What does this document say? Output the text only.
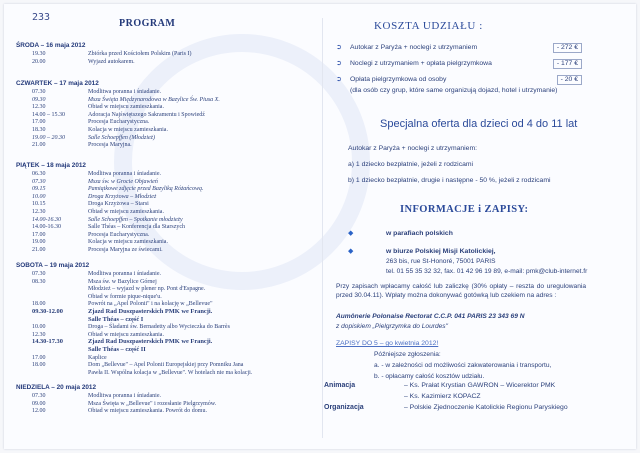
233
PROGRAM
ŚRODA – 16 maja 2012
19.30	Zbiórka przed Kościołem Polskim (Paris I)
20.00	Wyjazd autokarem.
CZWARTEK – 17 maja 2012
07.30	Modlitwa poranna i śniadanie.
09.30	Msza Święta Międzynarodowa w Bazylice Św. Piusa X.
12.30	Obiad w miejscu zamieszkania.
14.00 – 15.30	Adoracja Najświętszego Sakramentu i Spowiedź
17.00	Procesja Eucharystyczna.
18.30	Kolacja w miejscu zamieszkania.
19.00 – 20.30	Salle Schoepffen (Młodzież)
21.00	Procesja Maryjna.
PIĄTEK – 18 maja 2012
06.30	Modlitwa poranna i śniadanie.
07.30	Msza św. w Grocie Objawień
09.15	Pamiątkowe zdjęcie przed Bazyliką Różańcową.
10.00	Droga Krzyżowa – Młodzież
10.15	Droga Krzyżowa – Starsi
12.30	Obiad w miejscu zamieszkania.
14.00-16.30	Salle Schoepffen – Spotkanie młodzieży
14.00-16.30	Salle Théas – Konferencja dla Starszych
17.00	Procesja Eucharystyczna.
19.00	Kolacja w miejscu zamieszkania.
21.00	Procesja Maryjna ze świecami.
SOBOTA – 19 maja 2012
07.30	Modlitwa poranna i śniadanie.
08.30	Msza św. w Bazylice Górnej
Młodzież – wyjazd w plener np. Pont d'Espagne.
Obiad w formie pique-nique'u.
18.00	Powrót na „Apel Polonii" i na kolację w „Bellevue"
09.30-12.00	Zjazd Rad Duszpasterskich PMK we Francji.
Salle Théas – część I
10.00	Droga – Śladami św. Bernadetty albo Wycieczka do Barrès
12.30	Obiad w miejscu zamieszkania.
14.30-17.30	Zjazd Rad Duszpasterskich PMK we Francji.
Salle Théas – część II
17.00	Kaplice
18.00	Dom „Bellevue" – Apel Polonii Europejskiej przy Pomniku Jana
Pawła II. Wspólna kolacja w „Bellevue". W hotelach nie ma kolacji.
NIEDZIELA – 20 maja 2012
07.30	Modlitwa poranna i śniadanie.
09.00	Msza Święta w „Bellevue" i rozesłanie Pielgrzymów.
12.00	Obiad w miejscu zamieszkania. Powrót do domu.
KOSZTA UDZIAŁU :
➲ Autokar z Paryża + noclegi z utrzymaniem	- 272 €
➲ Noclegi z utrzymaniem + opłata pielgrzymkowa	- 177 €
➲ Opłata pielgrzymkowa od osoby	- 20 €
(dla osób czy grup, które same organizują dojazd, hotel i utrzymanie)
Specjalna oferta dla dzieci od 4 do 11 lat
Autokar z Paryża + noclegi z utrzymaniem:
a) 1 dziecko bezpłatnie, jeżeli z rodzicami
b) 1 dziecko bezpłatnie, drugie i następne - 50 %, jeżeli z rodzicami
INFORMACJE i ZAPISY:
◆	w parafiach polskich
◆	w biurze Polskiej Misji Katolickiej,
263 bis, rue St-Honoré, 75001 PARIS
tel. 01 55 35 32 32, fax. 01 42 96 19 89, e-mail: pmk@club-internet.fr
Przy zapisach wpłacamy całość lub zaliczkę (30% opłaty – reszta do uregulowania przed 30.04.11). Wpłaty można dokonywać gotówką lub czekiem na adres :
Aumônerie Polonaise Rectorat C.C.P. 041 PARIS 23 343 69 N
z dopiskiem „Pielgrzymka do Lourdes"
ZAPISY DO 5 – go kwietnia 2012!
Późniejsze zgłoszenia:
a. - w zależności od możliwości zakwaterowania i transportu,
b. - opłacamy całość kosztów udziału.
Animacja	– Ks. Prałat Krystian GAWRON – Wicerektor PMK
– Ks. Kazimierz KOPACZ
Organizacja	– Polskie Zjednoczenie Katolickie Regionu Paryskiego
